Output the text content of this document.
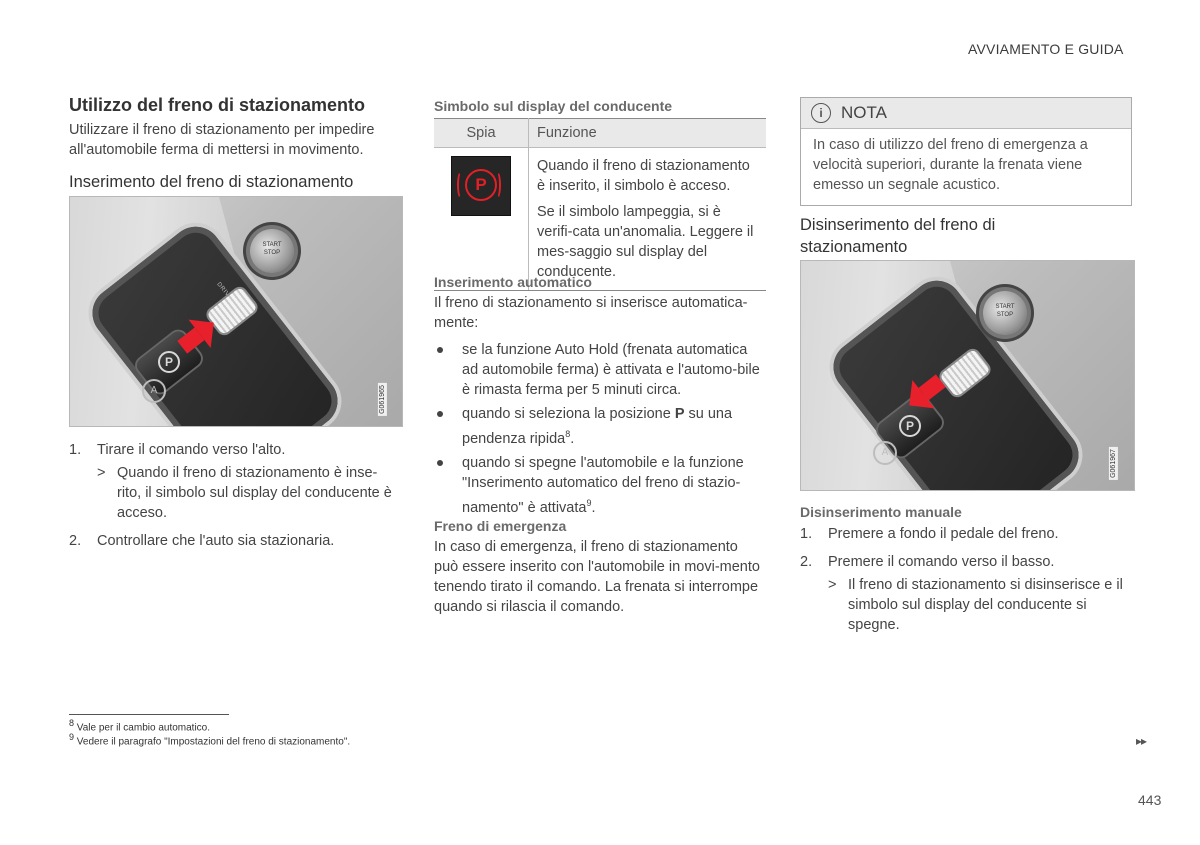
AVVIAMENTO E GUIDA
Utilizzo del freno di stazionamento

Utilizzare il freno di stazionamento per impedire all'automobile ferma di mettersi in movimento.

Inserimento del freno di stazionamento
START
STOP
P
A	G061965
1. Tirare il comando verso l'alto.
> Quando il freno di stazionamento è inse-rito, il simbolo sul display del conducente è acceso.
2. Controllare che l'auto sia stazionaria.
Simbolo sul display del conducente
Spia	Funzione

P	Quando il freno di stazionamento è inserito, il simbolo è acceso.

Se il simbolo lampeggia, si è verifi-cata un'anomalia. Leggere il mes-saggio sul display del conducente.

Inserimento automatico

Il freno di stazionamento si inserisce automatica-mente:

se la funzione Auto Hold (frenata automatica ad automobile ferma) è attivata e l'automo-bile è rimasta ferma per 5 minuti circa.
quando si seleziona la posizione P su una pendenza ripida$^8$.
quando si spegne l'automobile e la funzione "Inserimento automatico del freno di stazio-namento" è attivata$^9$.
Freno di emergenza

In caso di emergenza, il freno di stazionamento può essere inserito con l'automobile in movi-mento tenendo tirato il comando. La frenata si interrompe quando si rilascia il comando.

i	NOTA
In caso di utilizzo del freno di emergenza a velocità superiori, durante la frenata viene emesso un segnale acustico.
Disinserimento del freno di stazionamento
START
STOP
P
A	G061967
Disinserimento manuale
1. Premere a fondo il pedale del freno.
2. Premere il comando verso il basso.
> Il freno di stazionamento si disinserisce e il simbolo sul display del conducente si spegne.
$^8$ Vale per il cambio automatico.
$^9$ Vedere il paragrafo "Impostazioni del freno di stazionamento".	▸▸
443
